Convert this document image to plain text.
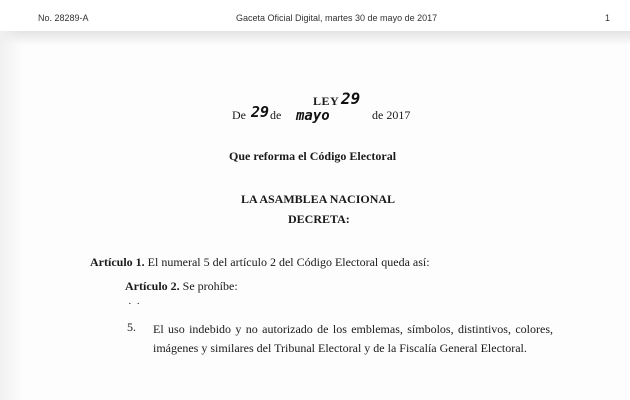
No. 28289-A	Gaceta Oficial Digital, martes 30 de mayo de 2017	1
LEY 29
De 29 de mayo	de 2017
Que reforma el Código Electoral
LA ASAMBLEA NACIONAL
DECRETA:
Artículo 1. El numeral 5 del artículo 2 del Código Electoral queda así:
Artículo 2. Se prohíbe:
· ·
5. El uso indebido y no autorizado de los emblemas, símbolos, distintivos, colores, imágenes y similares del Tribunal Electoral y de la Fiscalía General Electoral.
